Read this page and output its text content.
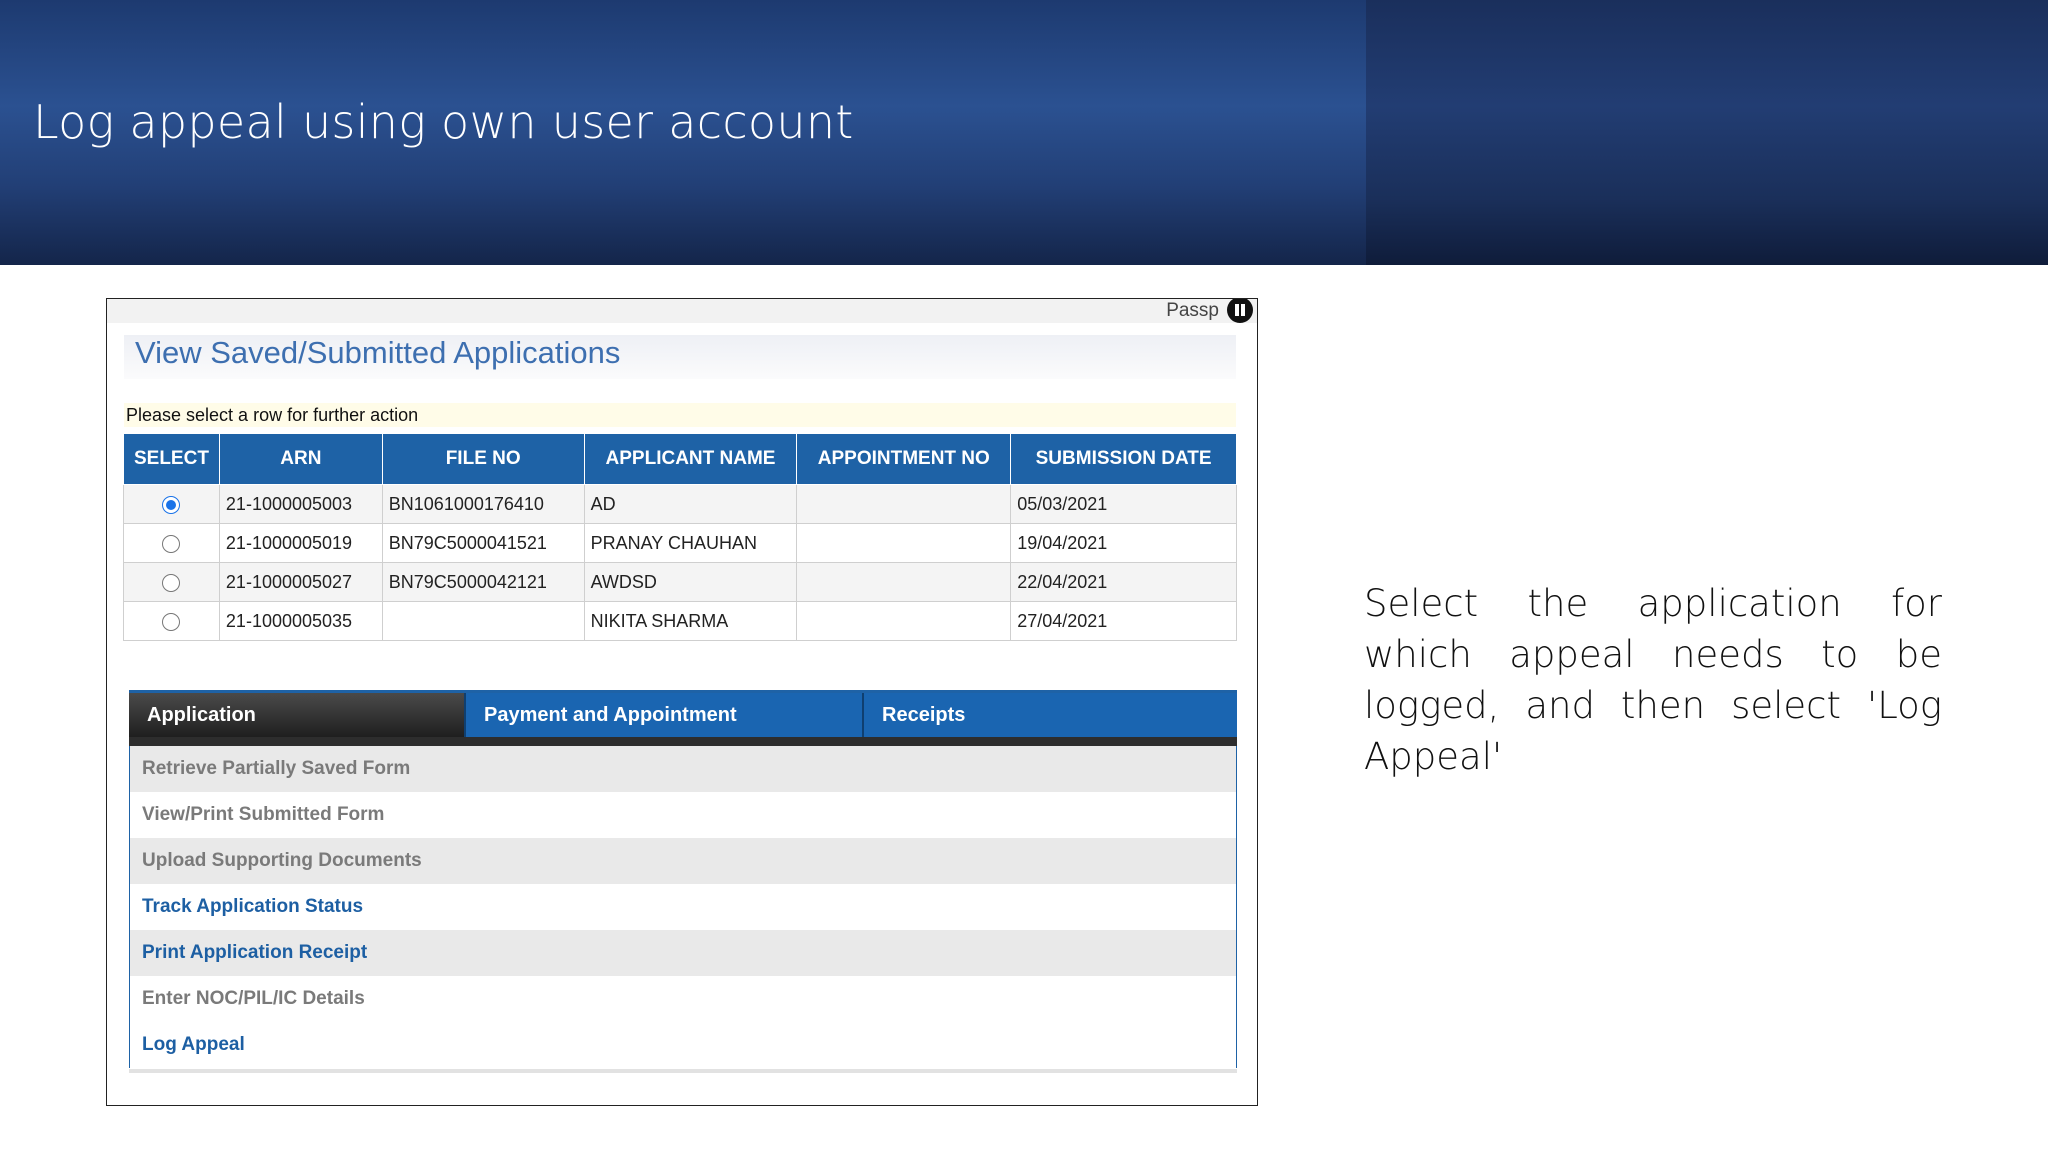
Log appeal using own user account
Passp
View Saved/Submitted Applications
Please select a row for further action
SELECT	ARN	FILE NO	APPLICANT NAME	APPOINTMENT NO	SUBMISSION DATE
	21-1000005003	BN1061000176410	AD		05/03/2021
	21-1000005019	BN79C5000041521	PRANAY CHAUHAN		19/04/2021
	21-1000005027	BN79C5000042121	AWDSD		22/04/2021
	21-1000005035		NIKITA SHARMA		27/04/2021
Application	Payment and Appointment	Receipts
Retrieve Partially Saved Form
View/Print Submitted Form
Upload Supporting Documents
Track Application Status
Print Application Receipt
Enter NOC/PIL/IC Details
Log Appeal
Select the application for which appeal needs to be logged, and then select 'Log Appeal'
